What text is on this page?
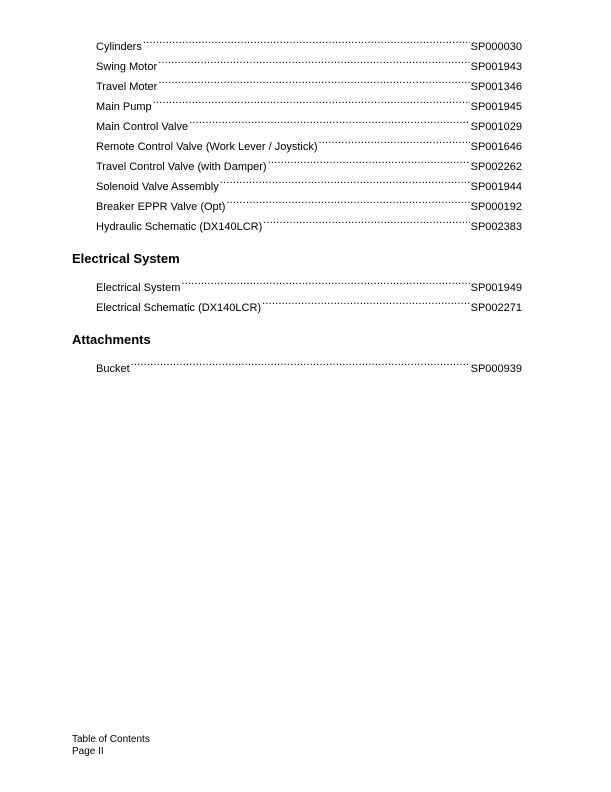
Cylinders .....	SP000030
Swing Motor .....	SP001943
Travel Moter .....	SP001346
Main Pump .....	SP001945
Main Control Valve .....	SP001029
Remote Control Valve (Work Lever / Joystick) .....	SP001646
Travel Control Valve (with Damper) .....	SP002262
Solenoid Valve Assembly .....	SP001944
Breaker EPPR Valve (Opt) .....	SP000192
Hydraulic Schematic (DX140LCR) .....	SP002383
Electrical System
Electrical System .....	SP001949
Electrical Schematic (DX140LCR) .....	SP002271
Attachments
Bucket .....	SP000939
Table of Contents
Page II
